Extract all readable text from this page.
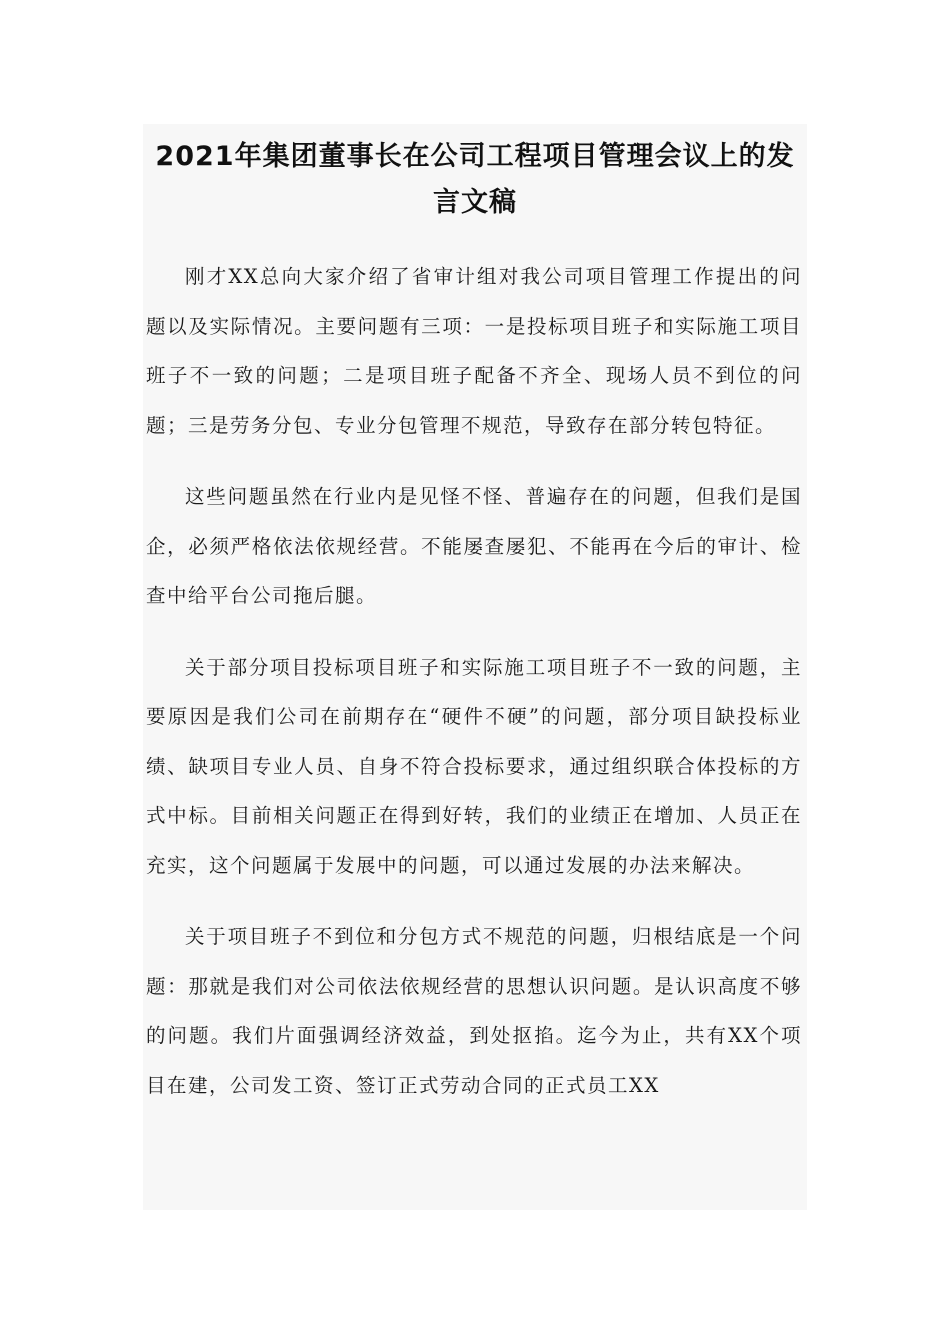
2021年集团董事长在公司工程项目管理会议上的发言文稿

刚才XX总向大家介绍了省审计组对我公司项目管理工作提出的问题以及实际情况。主要问题有三项：一是投标项目班子和实际施工项目班子不一致的问题；二是项目班子配备不齐全、现场人员不到位的问题；三是劳务分包、专业分包管理不规范，导致存在部分转包特征。

这些问题虽然在行业内是见怪不怪、普遍存在的问题，但我们是国企，必须严格依法依规经营。不能屡查屡犯、不能再在今后的审计、检查中给平台公司拖后腿。

关于部分项目投标项目班子和实际施工项目班子不一致的问题，主要原因是我们公司在前期存在“硬件不硬”的问题，部分项目缺投标业绩、缺项目专业人员、自身不符合投标要求，通过组织联合体投标的方式中标。目前相关问题正在得到好转，我们的业绩正在增加、人员正在充实，这个问题属于发展中的问题，可以通过发展的办法来解决。

关于项目班子不到位和分包方式不规范的问题，归根结底是一个问题：那就是我们对公司依法依规经营的思想认识问题。是认识高度不够的问题。我们片面强调经济效益，到处抠掐。迄今为止，共有XX个项目在建，公司发工资、签订正式劳动合同的正式员工XX
